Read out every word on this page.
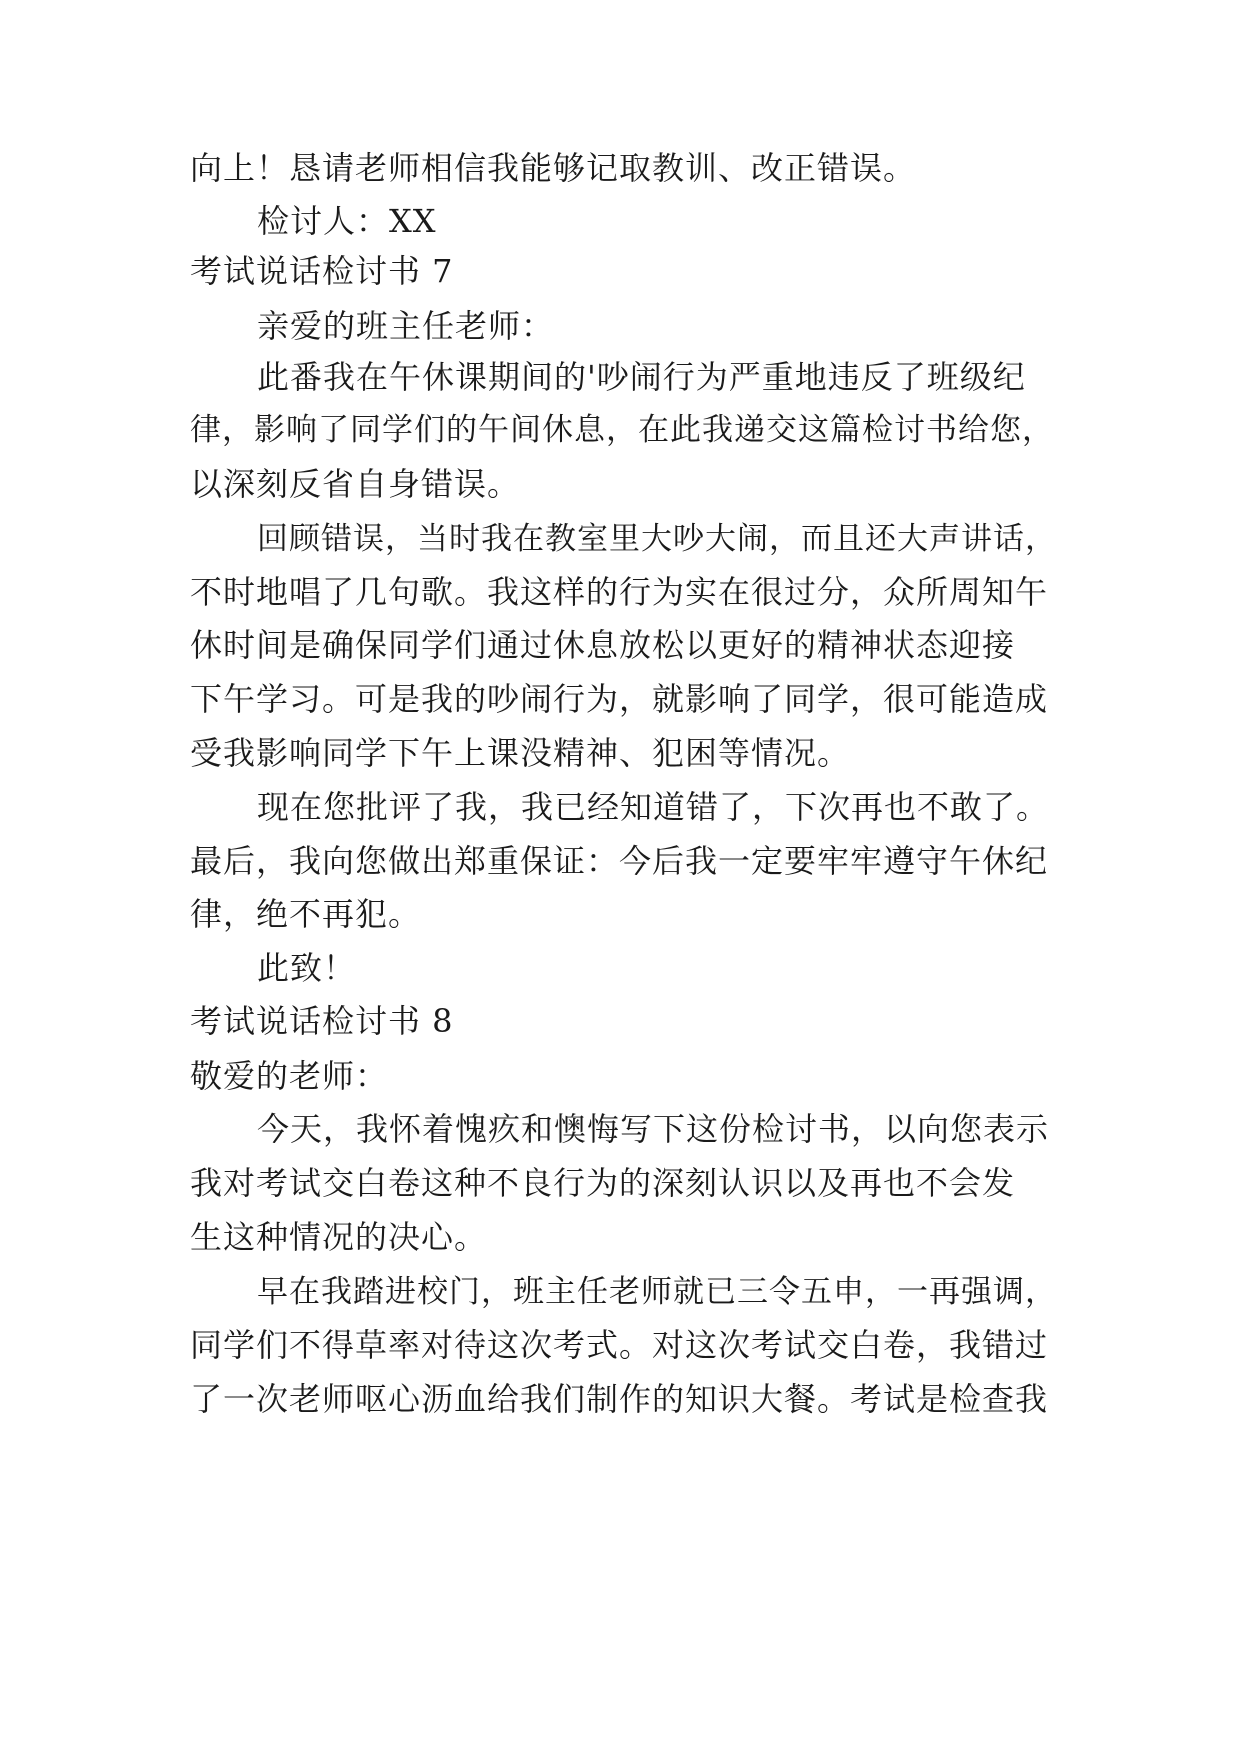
向上！恳请老师相信我能够记取教训、改正错误。
检讨人：XX
考试说话检讨书 7
亲爱的班主任老师：
此番我在午休课期间的'吵闹行为严重地违反了班级纪
律，影响了同学们的午间休息，在此我递交这篇检讨书给您，
以深刻反省自身错误。
回顾错误，当时我在教室里大吵大闹，而且还大声讲话，
不时地唱了几句歌。我这样的行为实在很过分，众所周知午
休时间是确保同学们通过休息放松以更好的精神状态迎接
下午学习。可是我的吵闹行为，就影响了同学，很可能造成
受我影响同学下午上课没精神、犯困等情况。
现在您批评了我，我已经知道错了，下次再也不敢了。
最后，我向您做出郑重保证：今后我一定要牢牢遵守午休纪
律，绝不再犯。
此致！
考试说话检讨书 8
敬爱的老师：
今天，我怀着愧疚和懊悔写下这份检讨书，以向您表示
我对考试交白卷这种不良行为的深刻认识以及再也不会发
生这种情况的决心。
早在我踏进校门，班主任老师就已三令五申，一再强调，
同学们不得草率对待这次考式。对这次考试交白卷，我错过
了一次老师呕心沥血给我们制作的知识大餐。考试是检查我
